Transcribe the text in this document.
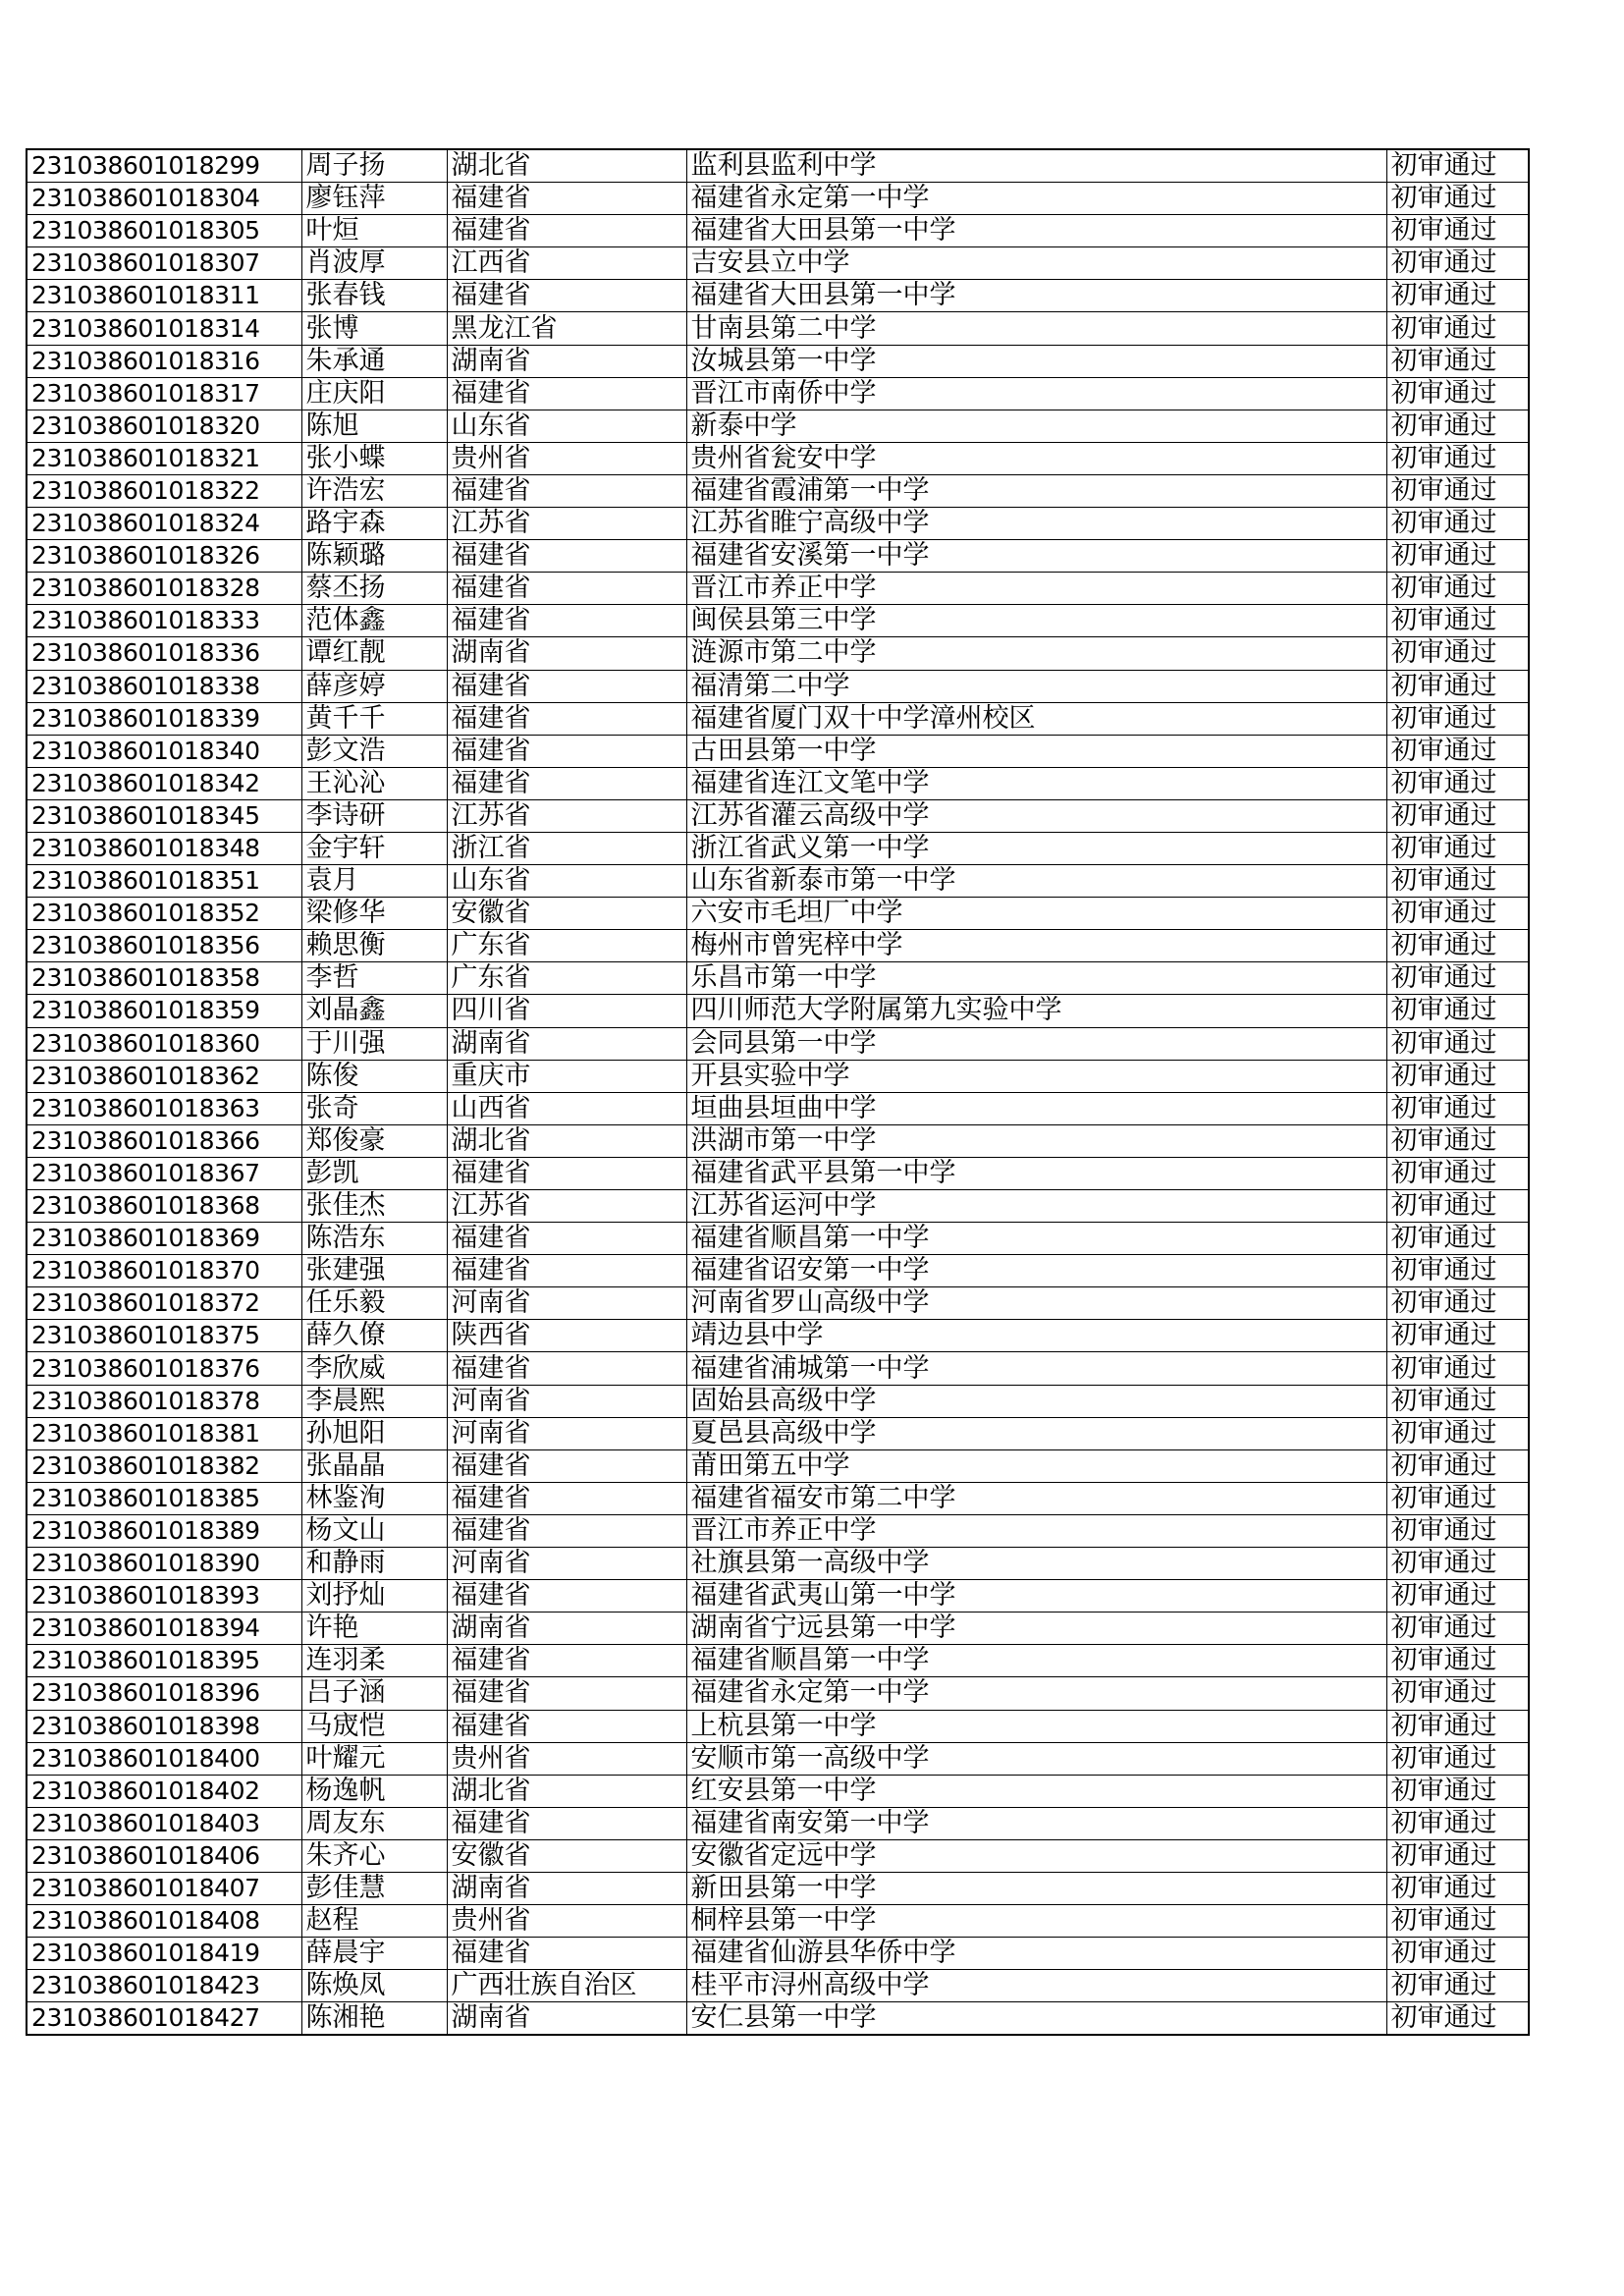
231038601018299	周子扬	湖北省	监利县监利中学	初审通过
231038601018304	廖钰萍	福建省	福建省永定第一中学	初审通过
231038601018305	叶烜	福建省	福建省大田县第一中学	初审通过
231038601018307	肖波厚	江西省	吉安县立中学	初审通过
231038601018311	张春钱	福建省	福建省大田县第一中学	初审通过
231038601018314	张博	黑龙江省	甘南县第二中学	初审通过
231038601018316	朱承通	湖南省	汝城县第一中学	初审通过
231038601018317	庄庆阳	福建省	晋江市南侨中学	初审通过
231038601018320	陈旭	山东省	新泰中学	初审通过
231038601018321	张小蝶	贵州省	贵州省瓮安中学	初审通过
231038601018322	许浩宏	福建省	福建省霞浦第一中学	初审通过
231038601018324	路宇森	江苏省	江苏省睢宁高级中学	初审通过
231038601018326	陈颖璐	福建省	福建省安溪第一中学	初审通过
231038601018328	蔡丕扬	福建省	晋江市养正中学	初审通过
231038601018333	范体鑫	福建省	闽侯县第三中学	初审通过
231038601018336	谭红靓	湖南省	涟源市第二中学	初审通过
231038601018338	薛彦婷	福建省	福清第二中学	初审通过
231038601018339	黄千千	福建省	福建省厦门双十中学漳州校区	初审通过
231038601018340	彭文浩	福建省	古田县第一中学	初审通过
231038601018342	王沁沁	福建省	福建省连江文笔中学	初审通过
231038601018345	李诗研	江苏省	江苏省灌云高级中学	初审通过
231038601018348	金宇轩	浙江省	浙江省武义第一中学	初审通过
231038601018351	袁月	山东省	山东省新泰市第一中学	初审通过
231038601018352	梁修华	安徽省	六安市毛坦厂中学	初审通过
231038601018356	赖思衡	广东省	梅州市曾宪梓中学	初审通过
231038601018358	李哲	广东省	乐昌市第一中学	初审通过
231038601018359	刘晶鑫	四川省	四川师范大学附属第九实验中学	初审通过
231038601018360	于川强	湖南省	会同县第一中学	初审通过
231038601018362	陈俊	重庆市	开县实验中学	初审通过
231038601018363	张奇	山西省	垣曲县垣曲中学	初审通过
231038601018366	郑俊豪	湖北省	洪湖市第一中学	初审通过
231038601018367	彭凯	福建省	福建省武平县第一中学	初审通过
231038601018368	张佳杰	江苏省	江苏省运河中学	初审通过
231038601018369	陈浩东	福建省	福建省顺昌第一中学	初审通过
231038601018370	张建强	福建省	福建省诏安第一中学	初审通过
231038601018372	任乐毅	河南省	河南省罗山高级中学	初审通过
231038601018375	薛久僚	陕西省	靖边县中学	初审通过
231038601018376	李欣威	福建省	福建省浦城第一中学	初审通过
231038601018378	李晨熙	河南省	固始县高级中学	初审通过
231038601018381	孙旭阳	河南省	夏邑县高级中学	初审通过
231038601018382	张晶晶	福建省	莆田第五中学	初审通过
231038601018385	林鉴洵	福建省	福建省福安市第二中学	初审通过
231038601018389	杨文山	福建省	晋江市养正中学	初审通过
231038601018390	和静雨	河南省	社旗县第一高级中学	初审通过
231038601018393	刘抒灿	福建省	福建省武夷山第一中学	初审通过
231038601018394	许艳	湖南省	湖南省宁远县第一中学	初审通过
231038601018395	连羽柔	福建省	福建省顺昌第一中学	初审通过
231038601018396	吕子涵	福建省	福建省永定第一中学	初审通过
231038601018398	马宬恺	福建省	上杭县第一中学	初审通过
231038601018400	叶耀元	贵州省	安顺市第一高级中学	初审通过
231038601018402	杨逸帆	湖北省	红安县第一中学	初审通过
231038601018403	周友东	福建省	福建省南安第一中学	初审通过
231038601018406	朱齐心	安徽省	安徽省定远中学	初审通过
231038601018407	彭佳慧	湖南省	新田县第一中学	初审通过
231038601018408	赵程	贵州省	桐梓县第一中学	初审通过
231038601018419	薛晨宇	福建省	福建省仙游县华侨中学	初审通过
231038601018423	陈焕凤	广西壮族自治区	桂平市浔州高级中学	初审通过
231038601018427	陈湘艳	湖南省	安仁县第一中学	初审通过
